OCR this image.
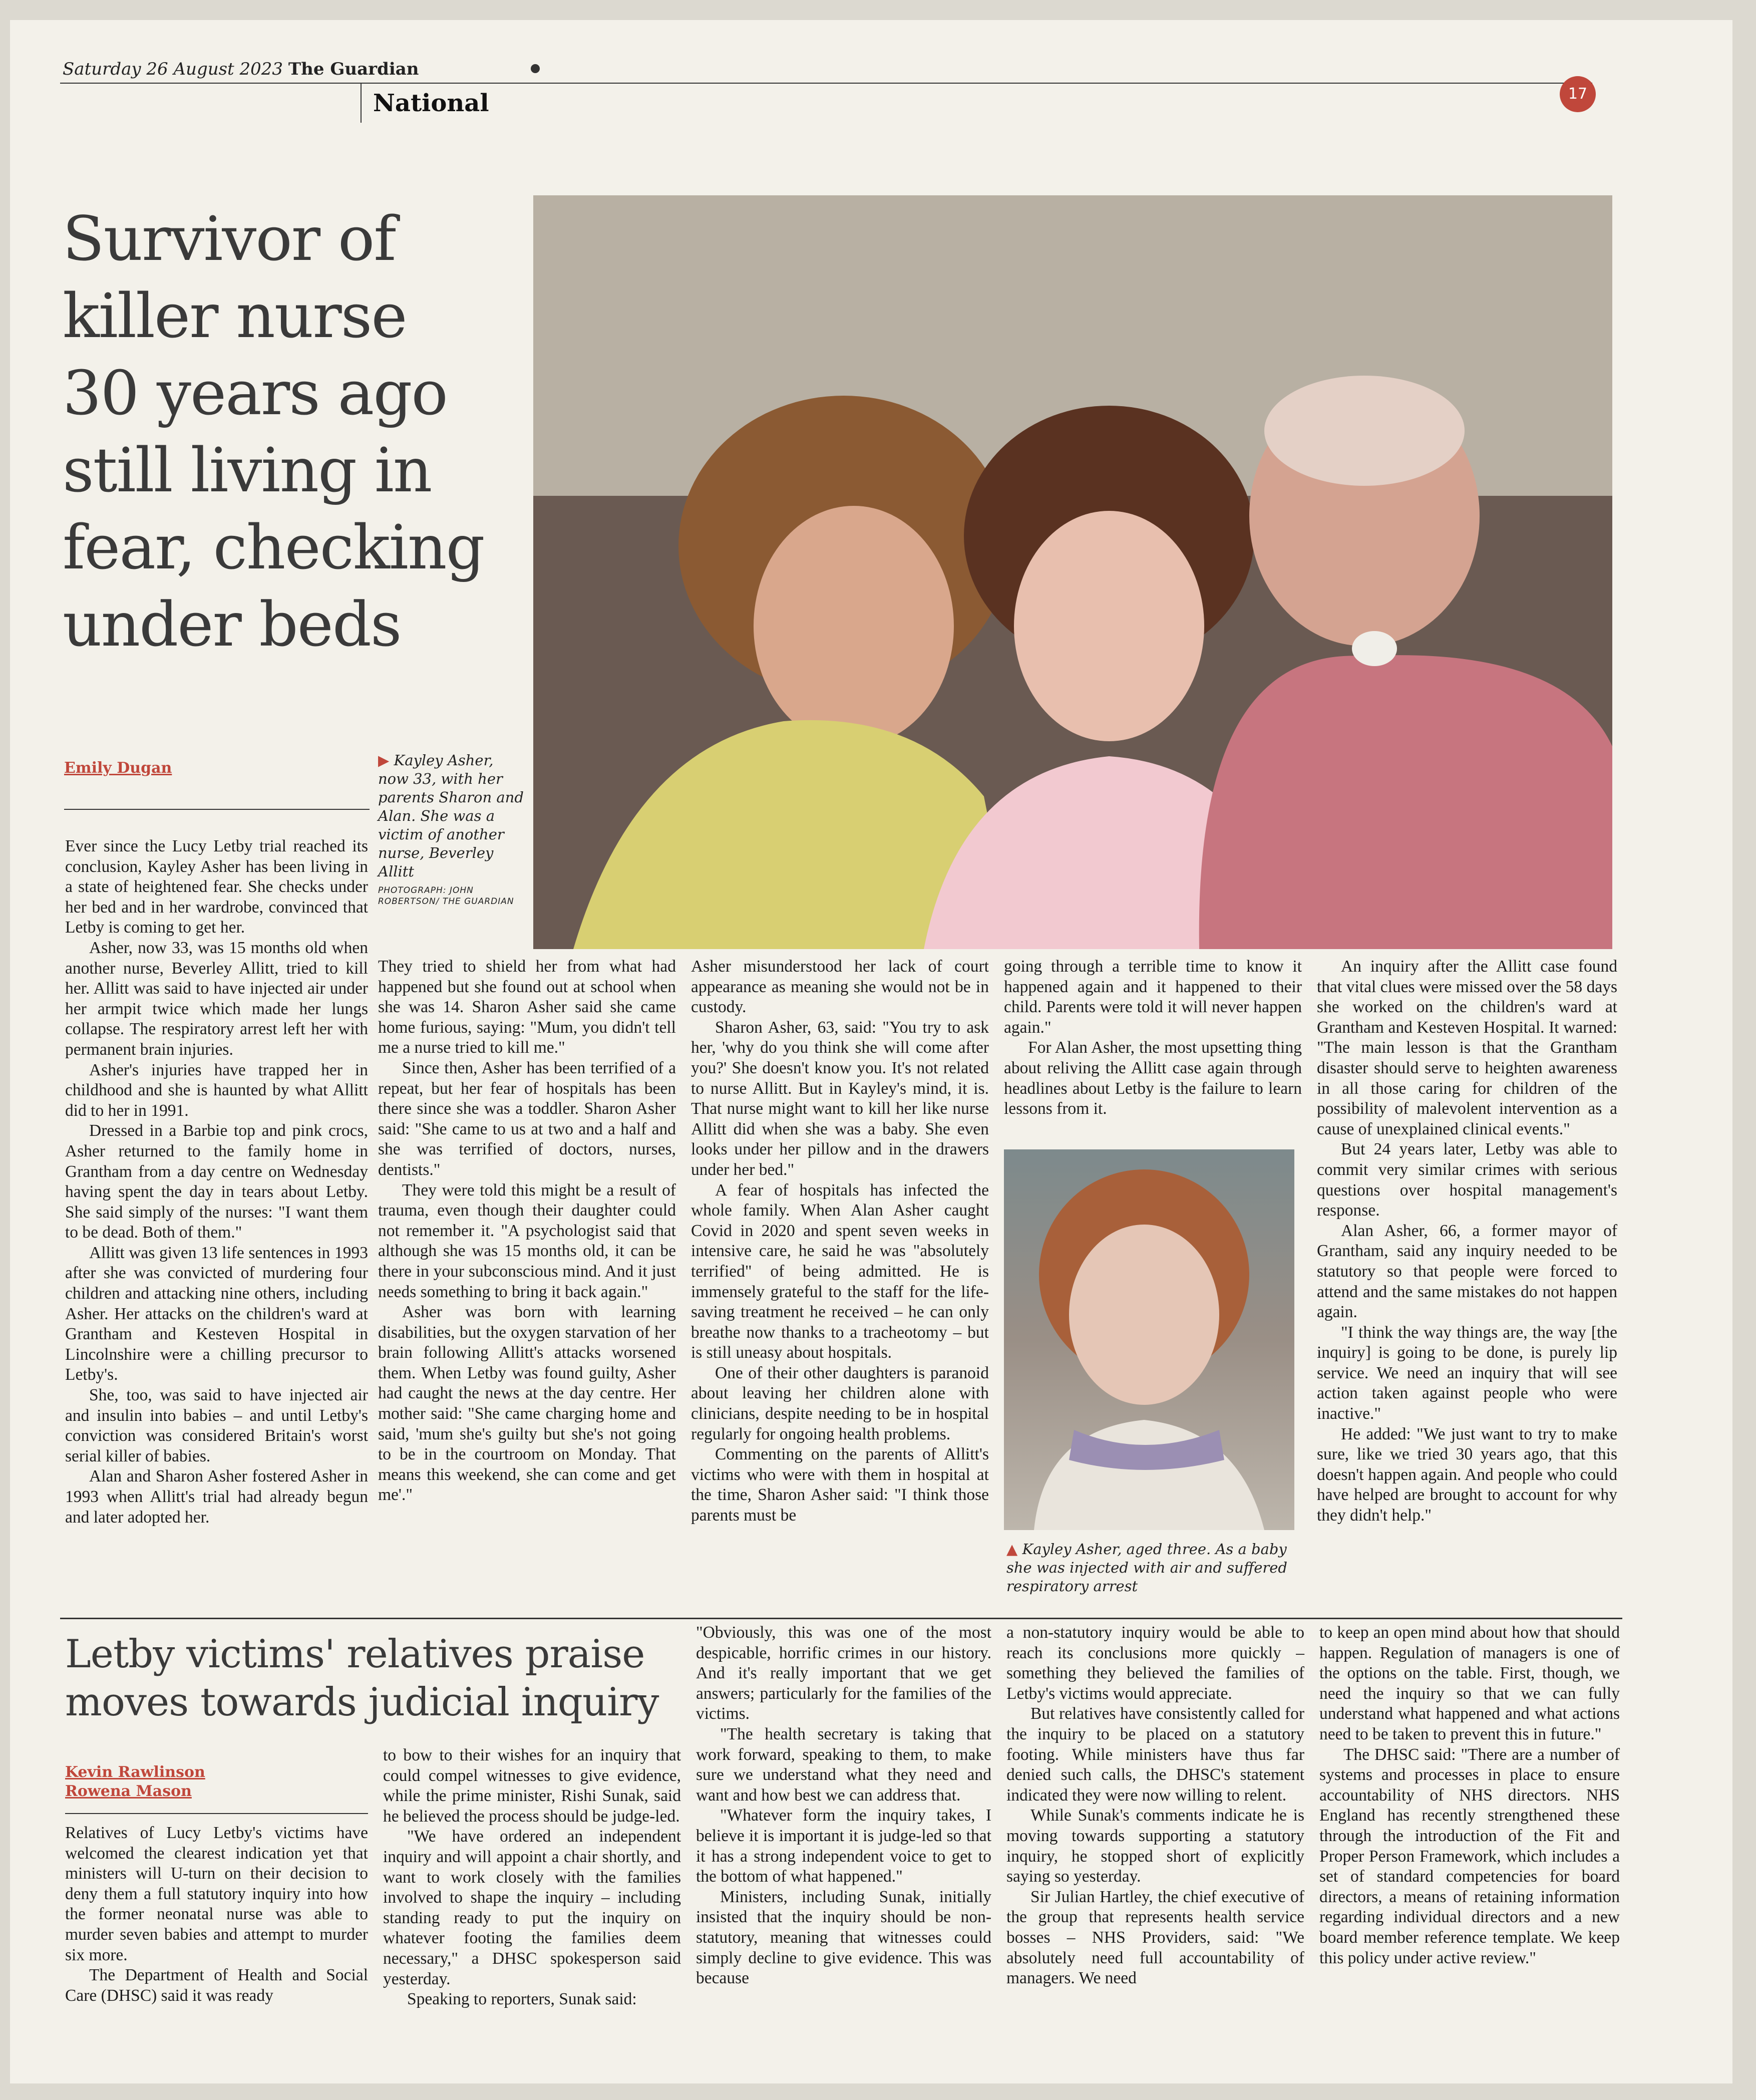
Saturday 26 August 2023 The Guardian
National	17
Survivor of
killer nurse
30 years ago
still living in
fear, checking
under beds
Emily Dugan	▶ Kayley Asher, now 33, with her parents Sharon and Alan. She was a victim of another nurse, Beverley Allitt
PHOTOGRAPH: JOHN ROBERTSON/ THE GUARDIAN

Ever since the Lucy Letby trial reached its conclusion, Kayley Asher has been living in a state of heightened fear. She checks under her bed and in her wardrobe, convinced that Letby is coming to get her.

Asher, now 33, was 15 months old when another nurse, Beverley Allitt, tried to kill her. Allitt was said to have injected air under her armpit twice which made her lungs collapse. The respiratory arrest left her with permanent brain injuries.

Asher's injuries have trapped her in childhood and she is haunted by what Allitt did to her in 1991.

Dressed in a Barbie top and pink crocs, Asher returned to the family home in Grantham from a day centre on Wednesday having spent the day in tears about Letby. She said simply of the nurses: "I want them to be dead. Both of them."

Allitt was given 13 life sentences in 1993 after she was convicted of murdering four children and attacking nine others, including Asher. Her attacks on the children's ward at Grantham and Kesteven Hospital in Lincolnshire were a chilling precursor to Letby's.

She, too, was said to have injected air and insulin into babies – and until Letby's conviction was considered Britain's worst serial killer of babies.

Alan and Sharon Asher fostered Asher in 1993 when Allitt's trial had already begun and later adopted her.

They tried to shield her from what had happened but she found out at school when she was 14. Sharon Asher said she came home furious, saying: "Mum, you didn't tell me a nurse tried to kill me."

Since then, Asher has been terrified of a repeat, but her fear of hospitals has been there since she was a toddler. Sharon Asher said: "She came to us at two and a half and she was terrified of doctors, nurses, dentists."

They were told this might be a result of trauma, even though their daughter could not remember it. "A psychologist said that although she was 15 months old, it can be there in your subconscious mind. And it just needs something to bring it back again."

Asher was born with learning disabilities, but the oxygen starvation of her brain following Allitt's attacks worsened them. When Letby was found guilty, Asher had caught the news at the day centre. Her mother said: "She came charging home and said, 'mum she's guilty but she's not going to be in the courtroom on Monday. That means this weekend, she can come and get me'."

Asher misunderstood her lack of court appearance as meaning she would not be in custody.

Sharon Asher, 63, said: "You try to ask her, 'why do you think she will come after you?' She doesn't know you. It's not related to nurse Allitt. But in Kayley's mind, it is. That nurse might want to kill her like nurse Allitt did when she was a baby. She even looks under her pillow and in the drawers under her bed."

A fear of hospitals has infected the whole family. When Alan Asher caught Covid in 2020 and spent seven weeks in intensive care, he said he was "absolutely terrified" of being admitted. He is immensely grateful to the staff for the life-saving treatment he received – he can only breathe now thanks to a tracheotomy – but is still uneasy about hospitals.

One of their other daughters is paranoid about leaving her children alone with clinicians, despite needing to be in hospital regularly for ongoing health problems.

Commenting on the parents of Allitt's victims who were with them in hospital at the time, Sharon Asher said: "I think those parents must be

going through a terrible time to know it happened again and it happened to their child. Parents were told it will never happen again."

For Alan Asher, the most upsetting thing about reliving the Allitt case again through headlines about Letby is the failure to learn lessons from it.

▲ Kayley Asher, aged three. As a baby she was injected with air and suffered respiratory arrest

An inquiry after the Allitt case found that vital clues were missed over the 58 days she worked on the children's ward at Grantham and Kesteven Hospital. It warned: "The main lesson is that the Grantham disaster should serve to heighten awareness in all those caring for children of the possibility of malevolent intervention as a cause of unexplained clinical events."

But 24 years later, Letby was able to commit very similar crimes with serious questions over hospital management's response.

Alan Asher, 66, a former mayor of Grantham, said any inquiry needed to be statutory so that people were forced to attend and the same mistakes do not happen again.

"I think the way things are, the way [the inquiry] is going to be done, is purely lip service. We need an inquiry that will see action taken against people who were inactive."

He added: "We just want to try to make sure, like we tried 30 years ago, that this doesn't happen again. And people who could have helped are brought to account for why they didn't help."

Letby victims' relatives praise
moves towards judicial inquiry
Kevin Rawlinson
Rowena Mason

Relatives of Lucy Letby's victims have welcomed the clearest indication yet that ministers will U-turn on their decision to deny them a full statutory inquiry into how the former neonatal nurse was able to murder seven babies and attempt to murder six more.

The Department of Health and Social Care (DHSC) said it was ready

to bow to their wishes for an inquiry that could compel witnesses to give evidence, while the prime minister, Rishi Sunak, said he believed the process should be judge-led.

"We have ordered an independent inquiry and will appoint a chair shortly, and want to work closely with the families involved to shape the inquiry – including standing ready to put the inquiry on whatever footing the families deem necessary," a DHSC spokesperson said yesterday.

Speaking to reporters, Sunak said:

"Obviously, this was one of the most despicable, horrific crimes in our history. And it's really important that we get answers; particularly for the families of the victims.

"The health secretary is taking that work forward, speaking to them, to make sure we understand what they need and want and how best we can address that.

"Whatever form the inquiry takes, I believe it is important it is judge-led so that it has a strong independent voice to get to the bottom of what happened."

Ministers, including Sunak, initially insisted that the inquiry should be non-statutory, meaning that witnesses could simply decline to give evidence. This was because

a non-statutory inquiry would be able to reach its conclusions more quickly – something they believed the families of Letby's victims would appreciate.

But relatives have consistently called for the inquiry to be placed on a statutory footing. While ministers have thus far denied such calls, the DHSC's statement indicated they were now willing to relent.

While Sunak's comments indicate he is moving towards supporting a statutory inquiry, he stopped short of explicitly saying so yesterday.

Sir Julian Hartley, the chief executive of the group that represents health service bosses – NHS Providers, said: "We absolutely need full accountability of managers. We need

to keep an open mind about how that should happen. Regulation of managers is one of the options on the table. First, though, we need the inquiry so that we can fully understand what happened and what actions need to be taken to prevent this in future."

The DHSC said: "There are a number of systems and processes in place to ensure accountability of NHS directors. NHS England has recently strengthened these through the introduction of the Fit and Proper Person Framework, which includes a set of standard competencies for board directors, a means of retaining information regarding individual directors and a new board member reference template. We keep this policy under active review."
